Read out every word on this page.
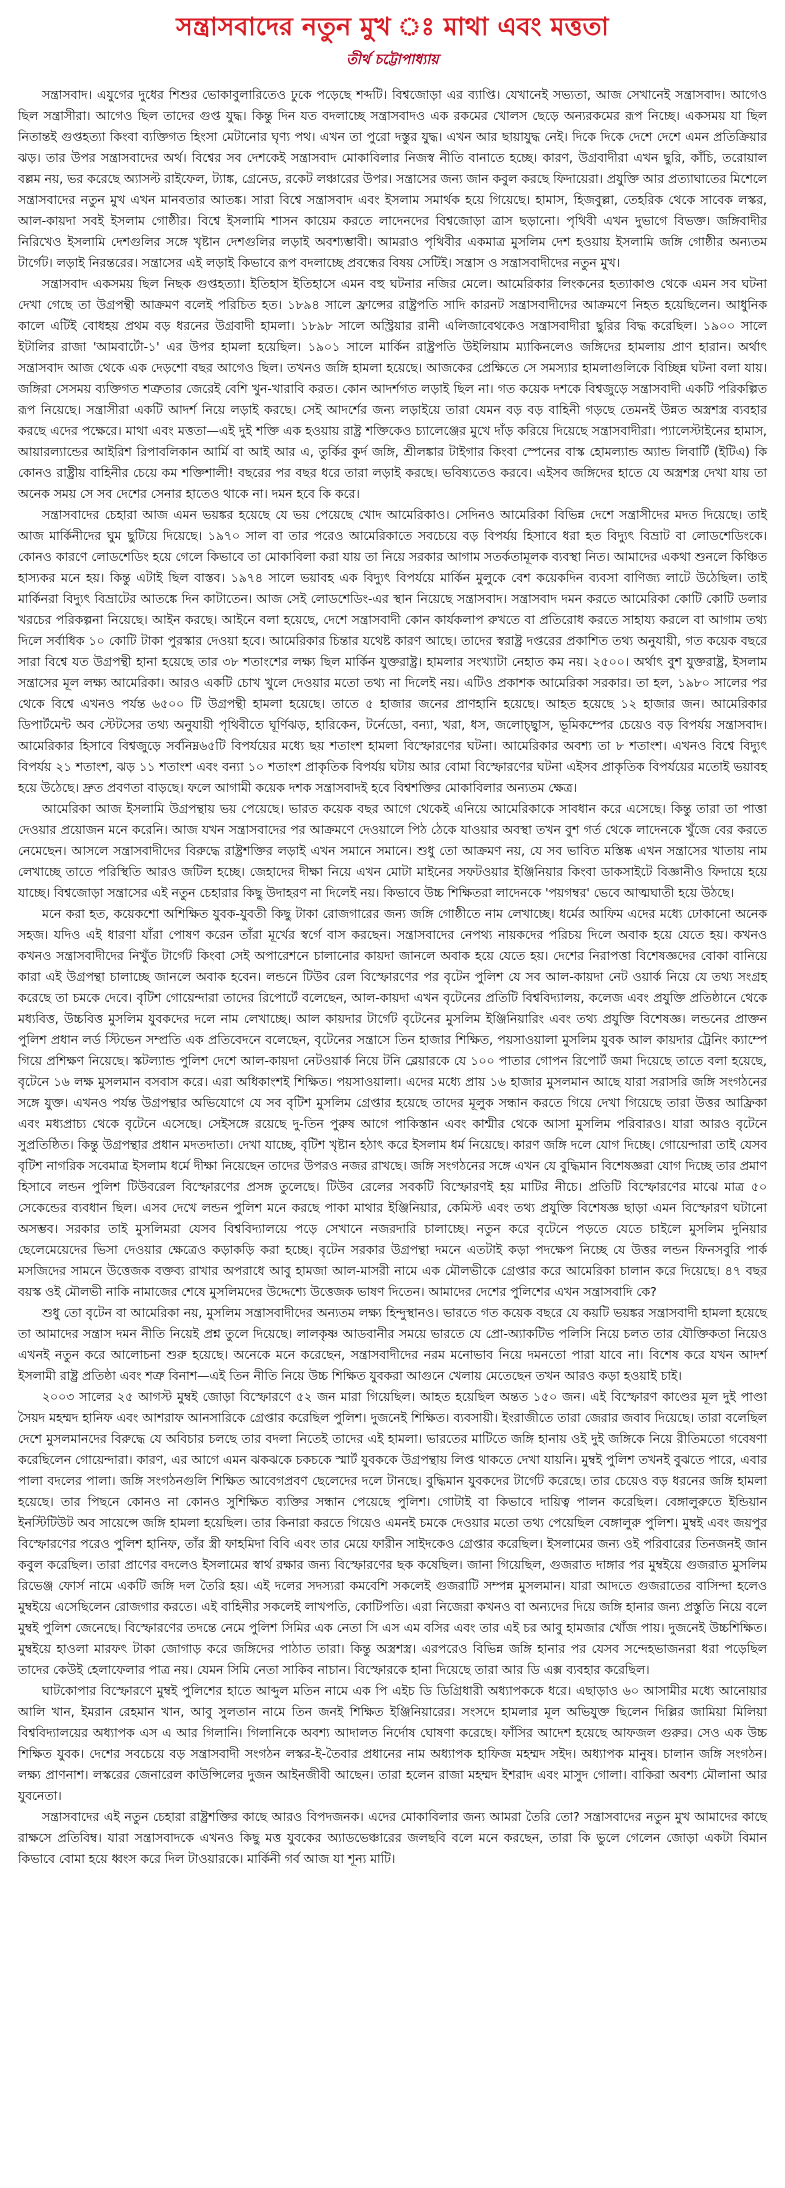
সন্ত্রাসবাদের নতুন মুখ ঃ মাথা এবং মত্ততা
তীর্থ চট্টোপাধ্যায়

সন্ত্রাসবাদ। এযুগের দুধের শিশুর ভোকাবুলারিতেও ঢুকে পড়েছে শব্দটি। বিশ্বজোড়া এর ব্যাপ্তি। যেখানেই সভ্যতা, আজ সেখানেই সন্ত্রাসবাদ। আগেও ছিল সন্ত্রাসীরা। আগেও ছিল তাদের গুপ্ত যুদ্ধ। কিন্তু দিন যত বদলাচ্ছে সন্ত্রাসবাদও এক রকমের খোলস ছেড়ে অন্যরকমের রূপ নিচ্ছে। একসময় যা ছিল নিতান্তই গুপ্তহত্যা কিংবা ব্যক্তিগত হিংসা মেটানোর ঘৃণ্য পথ। এখন তা পুরো দস্তুর যুদ্ধ। এখন আর ছায়াযুদ্ধ নেই। দিকে দিকে দেশে দেশে এমন প্রতিক্রিয়ার ঝড়। তার উপর সন্ত্রাসবাদের অর্থ। বিশ্বের সব দেশকেই সন্ত্রাসবাদ মোকাবিলার নিজস্ব নীতি বানাতে হচ্ছে। কারণ, উগ্রবাদীরা এখন ছুরি, কাঁচি, তরোয়াল বল্লম নয়, ভর করেছে অ্যাসল্ট রাইফেল, ট্যাঙ্ক, গ্রেনেড, রকেট লঞ্চারের উপর। সন্ত্রাসের জন্য জান কবুল করছে ফিদায়েরা। প্রযুক্তি আর প্রত্যাঘাতের মিশেলে সন্ত্রাসবাদের নতুন মুখ এখন মানবতার আতঙ্ক। সারা বিশ্বে সন্ত্রাসবাদ এবং ইসলাম সমার্থক হয়ে গিয়েছে। হামাস, হিজবুল্লা, তেহরিক থেকে সাবেক লস্কর, আল-কায়দা সবই ইসলাম গোষ্ঠীর। বিশ্বে ইসলামি শাসন কায়েম করতে লাদেনদের বিশ্বজোড়া ত্রাস ছড়ানো। পৃথিবী এখন দুভাগে বিভক্ত। জঙ্গিবাদীর নিরিখেও ইসলামি দেশগুলির সঙ্গে খৃষ্টান দেশগুলির লড়াই অবশ্যম্ভাবী। আমরাও পৃথিবীর একমাত্র মুসলিম দেশ হওয়ায় ইসলামি জঙ্গি গোষ্ঠীর অন্যতম টার্গেট। লড়াই নিরন্তরের। সন্ত্রাসের এই লড়াই কিভাবে রূপ বদলাচ্ছে প্রবন্ধের বিষয় সেটিই। সন্ত্রাস ও সন্ত্রাসবাদীদের নতুন মুখ।

সন্ত্রাসবাদ একসময় ছিল নিছক গুপ্তহত্যা। ইতিহাস ইতিহাসে এমন বহু ঘটনার নজির মেলে। আমেরিকার লিংকনের হত্যাকাণ্ড থেকে এমন সব ঘটনা দেখা গেছে তা উগ্রপন্থী আক্রমণ বলেই পরিচিত হত। ১৮৯৪ সালে ফ্রান্সের রাষ্ট্রপতি সাদি কারনট সন্ত্রাসবাদীদের আক্রমণে নিহত হয়েছিলেন। আধুনিক কালে এটিই বোধহয় প্রথম বড় ধরনের উগ্রবাদী হামলা। ১৮৯৮ সালে অস্ট্রিয়ার রানী এলিজাবেথকেও সন্ত্রাসবাদীরা ছুরির বিদ্ধ করেছিল। ১৯০০ সালে ইটালির রাজা 'আমবার্টো-১' এর উপর হামলা হয়েছিল। ১৯০১ সালে মার্কিন রাষ্ট্রপতি উইলিয়াম ম্যাকিনলেও জঙ্গিদের হামলায় প্রাণ হারান। অর্থাৎ সন্ত্রাসবাদ আজ থেকে এক দেড়শো বছর আগেও ছিল। তখনও জঙ্গি হামলা হয়েছে। আজকের প্রেক্ষিতে সে সমস্যার হামলাগুলিকে বিচ্ছিন্ন ঘটনা বলা যায়। জঙ্গিরা সেসময় ব্যক্তিগত শত্রুতার জেরেই বেশি খুন-খারাবি করত। কোন আদর্শগত লড়াই ছিল না। গত কয়েক দশকে বিশ্বজুড়ে সন্ত্রাসবাদী একটি পরিকল্পিত রূপ নিয়েছে। সন্ত্রাসীরা একটি আদর্শ নিয়ে লড়াই করছে। সেই আদর্শের জন্য লড়াইয়ে তারা যেমন বড় বড় বাহিনী গড়ছে তেমনই উন্নত অস্ত্রশস্ত্র ব্যবহার করছে এদের পক্ষেরে। মাথা এবং মত্ততা—এই দুই শক্তি এক হওয়ায় রাষ্ট্র শক্তিকেও চ্যালেঞ্জের মুখে দাঁড় করিয়ে দিয়েছে সন্ত্রাসবাদীরা। প্যালেস্টাইনের হামাস, আয়ারল্যান্ডের আইরিশ রিপাবলিকান আর্মি বা আই আর এ, তুর্কির কুর্দ জঙ্গি, শ্রীলঙ্কার টাইগার কিংবা স্পেনের বাস্ক হোমল্যান্ড অ্যান্ড লিবার্টি (ইটিএ) কি কোনও রাষ্ট্রীয় বাহিনীর চেয়ে কম শক্তিশালী! বছরের পর বছর ধরে তারা লড়াই করছে। ভবিষ্যতেও করবে। এইসব জঙ্গিদের হাতে যে অস্ত্রশস্ত্র দেখা যায় তা অনেক সময় সে সব দেশের সেনার হাতেও থাকে না। দমন হবে কি করে।

সন্ত্রাসবাদের চেহারা আজ এমন ভয়ঙ্কর হয়েছে যে ভয় পেয়েছে খোদ আমেরিকাও। সেদিনও আমেরিকা বিভিন্ন দেশে সন্ত্রাসীদের মদত দিয়েছে। তাই আজ মার্কিনীদের ঘুম ছুটিয়ে দিয়েছে। ১৯৭০ সাল বা তার পরেও আমেরিকাতে সবচেয়ে বড় বিপর্যয় হিসাবে ধরা হত বিদ্যুৎ বিভ্রাট বা লোডশেডিংকে। কোনও কারণে লোডশেডিং হয়ে গেলে কিভাবে তা মোকাবিলা করা যায় তা নিয়ে সরকার আগাম সতর্কতামূলক ব্যবস্থা নিত। আমাদের একথা শুনলে কিঞ্চিত হাস্যকর মনে হয়। কিন্তু এটাই ছিল বাস্তব। ১৯৭৪ সালে ভয়াবহ এক বিদ্যুৎ বিপর্যয়ে মার্কিন মুলুকে বেশ কয়েকদিন ব্যবসা বাণিজ্য লাটে উঠেছিল। তাই মার্কিনরা বিদ্যুৎ বিভ্রাটের আতঙ্কে দিন কাটাতেন। আজ সেই লোডশেডিং-এর স্থান নিয়েছে সন্ত্রাসবাদ। সন্ত্রাসবাদ দমন করতে আমেরিকা কোটি কোটি ডলার খরচের পরিকল্পনা নিয়েছে। আইন করছে। আইনে বলা হয়েছে, দেশে সন্ত্রাসবাদী কোন কার্যকলাপ রুখতে বা প্রতিরোধ করতে সাহায্য করলে বা আগাম তথ্য দিলে সর্বাধিক ১০ কোটি টাকা পুরস্কার দেওয়া হবে। আমেরিকার চিন্তার যথেষ্ট কারণ আছে। তাদের স্বরাষ্ট্র দপ্তরের প্রকাশিত তথ্য অনুযায়ী, গত কয়েক বছরে সারা বিশ্বে যত উগ্রপন্থী হানা হয়েছে তার ৩৮ শতাংশের লক্ষ্য ছিল মার্কিন যুক্তরাষ্ট্র। হামলার সংখ্যাটা নেহাত কম নয়। ২৫০০। অর্থাৎ বুশ যুক্তরাষ্ট্র, ইসলাম সন্ত্রাসের মূল লক্ষ্য আমেরিকা। আরও একটি চোখ খুলে দেওয়ার মতো তথ্য না দিলেই নয়। এটিও প্রকাশক আমেরিকা সরকার। তা হল, ১৯৮০ সালের পর থেকে বিশ্বে এখনও পর্যন্ত ৬৫০০ টি উগ্রপন্থী হামলা হয়েছে। তাতে ৫ হাজার জনের প্রাণহানি হয়েছে। আহত হয়েছে ১২ হাজার জন। আমেরিকার ডিপার্টমেন্ট অব স্টেটসের তথ্য অনুযায়ী পৃথিবীতে ঘূর্ণিঝড়, হারিকেন, টর্নেডো, বন্যা, খরা, ধস, জলোচ্ছ্বাস, ভূমিকম্পের চেয়েও বড় বিপর্যয় সন্ত্রাসবাদ। আমেরিকার হিসাবে বিশ্বজুড়ে সর্বনিম্ন৬৫টি বিপর্যয়ের মধ্যে ছয় শতাংশ হামলা বিস্ফোরণের ঘটনা। আমেরিকার অবশ্য তা ৮ শতাংশ। এখনও বিশ্বে বিদ্যুৎ বিপর্যয় ২১ শতাংশ, ঝড় ১১ শতাংশ এবং বন্যা ১০ শতাংশ প্রাকৃতিক বিপর্যয় ঘটায় আর বোমা বিস্ফোরণের ঘটনা এইসব প্রাকৃতিক বিপর্যয়ের মতোই ভয়াবহ হয়ে উঠেছে। দ্রুত প্রবণতা বাড়ছে। ফলে আগামী কয়েক দশক সন্ত্রাসবাদই হবে বিশ্বশক্তির মোকাবিলার অন্যতম ক্ষেত্র।

আমেরিকা আজ ইসলামি উগ্রপন্থায় ভয় পেয়েছে। ভারত কয়েক বছর আগে থেকেই এনিয়ে আমেরিকাকে সাবধান করে এসেছে। কিন্তু তারা তা পাত্তা দেওয়ার প্রয়োজন মনে করেনি। আজ যখন সন্ত্রাসবাদের পর আক্রমণে দেওয়ালে পিঠ ঠেকে যাওয়ার অবস্থা তখন বুশ গর্ত থেকে লাদেনকে খুঁজে বের করতে নেমেছেন। আসলে সন্ত্রাসবাদীদের বিরুদ্ধে রাষ্ট্রশক্তির লড়াই এখন সমানে সমানে। শুধু তো আক্রমণ নয়, যে সব ভাবিত মস্তিষ্ক এখন সন্ত্রাসের খাতায় নাম লেখাচ্ছে তাতে পরিস্থিতি আরও জটিল হচ্ছে। জেহাদের দীক্ষা নিয়ে এখন মোটা মাইনের সফটওয়ার ইঞ্জিনিয়ার কিংবা ডাকসাইটে বিজ্ঞানীও ফিদায়ে হয়ে যাচ্ছে। বিশ্বজোড়া সন্ত্রাসের এই নতুন চেহারার কিছু উদাহরণ না দিলেই নয়। কিভাবে উচ্চ শিক্ষিতরা লাদেনকে 'পয়গম্বর' ভেবে আত্মঘাতী হয়ে উঠছে।

মনে করা হত, কয়েকশো অশিক্ষিত যুবক-যুবতী কিছু টাকা রোজগারের জন্য জঙ্গি গোষ্ঠীতে নাম লেখাচ্ছে। ধর্মের আফিম এদের মধ্যে ঢোকানো অনেক সহজ। যদিও এই ধারণা যাঁরা পোষণ করেন তাঁরা মূর্খের স্বর্গে বাস করছেন। সন্ত্রাসবাদের নেপথ্য নায়কদের পরিচয় দিলে অবাক হয়ে যেতে হয়। কখনও কখনও সন্ত্রাসবাদীদের নিখুঁত টার্গেট কিংবা সেই অপারেশনে চালানোর কায়দা জানলে অবাক হয়ে যেতে হয়। দেশের নিরাপত্তা বিশেষজ্ঞদের বোকা বানিয়ে কারা এই উগ্রপন্থা চালাচ্ছে জানলে অবাক হবেন। লন্ডনে টিউব রেল বিস্ফোরণের পর বৃটেন পুলিশ যে সব আল-কায়দা নেট ওয়ার্ক নিয়ে যে তথ্য সংগ্রহ করেছে তা চমকে দেবে। বৃটিশ গোয়েন্দারা তাদের রিপোর্টে বলেছেন, আল-কায়দা এখন বৃটেনের প্রতিটি বিশ্ববিদ্যালয়, কলেজ এবং প্রযুক্তি প্রতিষ্ঠানে থেকে মধ্যবিত্ত, উচ্চবিত্ত মুসলিম যুবকদের দলে নাম লেখাচ্ছে। আল কায়দার টার্গেট বৃটেনের মুসলিম ইঞ্জিনিয়ারিং এবং তথ্য প্রযুক্তি বিশেষজ্ঞ। লন্ডনের প্রাক্তন পুলিশ প্রধান লর্ড স্টিভেন সম্প্রতি এক প্রতিবেদনে বলেছেন, বৃটেনের সন্ত্রাসে তিন হাজার শিক্ষিত, পয়সাওয়ালা মুসলিম যুবক আল কায়দার ট্রেনিং ক্যাম্পে গিয়ে প্রশিক্ষণ নিয়েছে। স্কটল্যান্ড পুলিশ দেশে আল-কায়দা নেটওয়ার্ক নিয়ে টনি ব্লেয়ারকে যে ১০০ পাতার গোপন রিপোর্ট জমা দিয়েছে তাতে বলা হয়েছে, বৃটেনে ১৬ লক্ষ মুসলমান বসবাস করে। এরা অধিকাংশই শিক্ষিত। পয়সাওয়ালা। এদের মধ্যে প্রায় ১৬ হাজার মুসলমান আছে যারা সরাসরি জঙ্গি সংগঠনের সঙ্গে যুক্ত। এখনও পর্যন্ত উগ্রপন্থার অভিযোগে যে সব বৃটিশ মুসলিম গ্রেপ্তার হয়েছে তাদের মূলুক সন্ধান করতে গিয়ে দেখা গিয়েছে তারা উত্তর আফ্রিকা এবং মধ্যপ্রাচ্য থেকে বৃটেনে এসেছে। সেইসঙ্গে রয়েছে দু-তিন পুরুষ আগে পাকিস্তান এবং কাশ্মীর থেকে আসা মুসলিম পরিবারও। যারা আরও বৃটেনে সুপ্রতিষ্ঠিত। কিন্তু উগ্রপন্থার প্রধান মদতদাতা। দেখা যাচ্ছে, বৃটিশ খৃষ্টান হঠাৎ করে ইসলাম ধর্ম নিয়েছে। কারণ জঙ্গি দলে যোগ দিচ্ছে। গোয়েন্দারা তাই যেসব বৃটিশ নাগরিক সবেমাত্র ইসলাম ধর্মে দীক্ষা নিয়েছেন তাদের উপরও নজর রাখছে। জঙ্গি সংগঠনের সঙ্গে এখন যে বুদ্ধিমান বিশেষজ্ঞরা যোগ দিচ্ছে তার প্রমাণ হিসাবে লন্ডন পুলিশ টিউবরেল বিস্ফোরণের প্রসঙ্গ তুলেছে। টিউব রেলের সবকটি বিস্ফোরণই হয় মাটির নীচে। প্রতিটি বিস্ফোরণের মাঝে মাত্র ৫০ সেকেন্ডের ব্যবধান ছিল। এসব দেখে লন্ডন পুলিশ মনে করছে পাকা মাথার ইঞ্জিনিয়ার, কেমিস্ট এবং তথ্য প্রযুক্তি বিশেষজ্ঞ ছাড়া এমন বিস্ফোরণ ঘটানো অসম্ভব। সরকার তাই মুসলিমরা যেসব বিশ্ববিদ্যালয়ে পড়ে সেখানে নজরদারি চালাচ্ছে। নতুন করে বৃটেনে পড়তে যেতে চাইলে মুসলিম দুনিয়ার ছেলেমেয়েদের ভিসা দেওয়ার ক্ষেত্রেও কড়াকড়ি করা হচ্ছে। বৃটেন সরকার উগ্রপন্থা দমনে এতটাই কড়া পদক্ষেপ নিচ্ছে যে উত্তর লন্ডন ফিনসবুরি পার্ক মসজিদের সামনে উত্তেজক বক্তব্য রাখার অপরাধে আবু হামজা আল-মাসরী নামে এক মৌলভীকে গ্রেপ্তার করে আমেরিকা চালান করে দিয়েছে। ৪৭ বছর বয়স্ক ওই মৌলভী নাকি নামাজের শেষে মুসলিমদের উদ্দেশ্যে উত্তেজক ভাষণ দিতেন। আমাদের দেশের পুলিশের এখন সন্ত্রাসবাদি কে?

শুধু তো বৃটেন বা আমেরিকা নয়, মুসলিম সন্ত্রাসবাদীদের অন্যতম লক্ষ্য হিন্দুস্থানও। ভারতে গত কয়েক বছরে যে কয়টি ভয়ঙ্কর সন্ত্রাসবাদী হামলা হয়েছে তা আমাদের সন্ত্রাস দমন নীতি নিয়েই প্রশ্ন তুলে দিয়েছে। লালকৃষ্ণ আডবানীর সময়ে ভারতে যে প্রো-অ্যাকটিভ পলিসি নিয়ে চলত তার যৌক্তিকতা নিয়েও এখনই নতুন করে আলোচনা শুরু হয়েছে। অনেকে মনে করেছেন, সন্ত্রাসবাদীদের নরম মনোভাব নিয়ে দমনতো পারা যাবে না। বিশেষ করে যখন আদর্শ ইসলামী রাষ্ট্র প্রতিষ্ঠা এবং শত্রু বিনাশ—এই তিন নীতি নিয়ে উচ্চ শিক্ষিত যুবকরা আগুনে খেলায় মেতেছেন তখন আরও কড়া হওয়াই চাই।

২০০৩ সালের ২৫ আগস্ট মুম্বই জোড়া বিস্ফোরণে ৫২ জন মারা গিয়েছিল। আহত হয়েছিল অন্তত ১৫০ জন। এই বিস্ফোরণ কাণ্ডের মূল দুই পাণ্ডা সৈয়দ মহম্মদ হানিফ এবং আশরাফ আনসারিকে গ্রেপ্তার করেছিল পুলিশ। দুজনেই শিক্ষিত। ব্যবসায়ী। ইংরাজীতে তারা জেরার জবাব দিয়েছে। তারা বলেছিল দেশে মুসলমানদের বিরুদ্ধে যে অবিচার চলছে তার বদলা নিতেই তাদের এই হামলা। ভারতের মাটিতে জঙ্গি হানায় ওই দুই জঙ্গিকে নিয়ে রীতিমতো গবেষণা করেছিলেন গোয়েন্দারা। কারণ, এর আগে এমন ঝকঝকে চকচকে স্মার্ট যুবককে উগ্রপন্থায় লিপ্ত থাকতে দেখা যায়নি। মুম্বই পুলিশ তখনই বুঝতে পারে, এবার পালা বদলের পালা। জঙ্গি সংগঠনগুলি শিক্ষিত আবেগপ্রবণ ছেলেদের দলে টানছে। বুদ্ধিমান যুবকদের টার্গেট করেছে। তার চেয়েও বড় ধরনের জঙ্গি হামলা হয়েছে। তার পিছনে কোনও না কোনও সুশিক্ষিত ব্যক্তির সন্ধান পেয়েছে পুলিশ। গোটাই বা কিভাবে দায়িত্ব পালন করেছিল। বেঙ্গালুরুতে ইন্ডিয়ান ইনস্টিটিউট অব সায়েন্সে জঙ্গি হামলা হয়েছিল। তার কিনারা করতে গিয়েও এমনই চমকে দেওয়ার মতো তথ্য পেয়েছিল বেঙ্গালুরু পুলিশ। মুম্বই এবং জয়পুর বিস্ফোরণের পরেও পুলিশ হানিফ, তাঁর স্ত্রী ফাহমিদা বিবি এবং তার মেয়ে ফারীন সাইদকেও গ্রেপ্তার করেছিল। ইসলামের জন্য ওই পরিবারের তিনজনই জান কবুল করেছিল। তারা প্রাণের বদলেও ইসলামের স্বার্থ রক্ষার জন্য বিস্ফোরণের ছক কষেছিল। জানা গিয়েছিল, গুজরাত দাঙ্গার পর মুম্বইয়ে গুজরাত মুসলিম রিভেঞ্জ ফোর্স নামে একটি জঙ্গি দল তৈরি হয়। এই দলের সদস্যরা কমবেশি সকলেই গুজরাটি সম্পন্ন মুসলমান। যারা আদতে গুজরাতের বাসিন্দা হলেও মুম্বইয়ে এসেছিলেন রোজগার করতে। এই বাহিনীর সকলেই লাখপতি, কোটিপতি। এরা নিজেরা কখনও বা অন্যদের দিয়ে জঙ্গি হানার জন্য প্রস্তুতি নিয়ে বলে মুম্বই পুলিশ জেনেছে। বিস্ফোরণের তদন্তে নেমে পুলিশ সিমির এক নেতা সি এস এম বসির এবং তার এই চর আবু হামজার খোঁজ পায়। দুজনেই উচ্চশিক্ষিত। মুম্বইয়ে হাওলা মারফৎ টাকা জোগাড় করে জঙ্গিদের পাঠাত তারা। কিন্তু অস্ত্রশস্ত্র। এরপরেও বিভিন্ন জঙ্গি হানার পর যেসব সন্দেহভাজনরা ধরা পড়েছিল তাদের কেউই হেলাফেলার পাত্র নয়। যেমন সিমি নেতা সাকিব নাচান। বিস্ফোরকে হানা দিয়েছে তারা আর ডি এক্স ব্যবহার করেছিল।

ঘাটকোপার বিস্ফোরণে মুম্বই পুলিশের হাতে আব্দুল মতিন নামে এক পি এইচ ডি ডিগ্রিধারী অধ্যাপককে ধরে। এছাড়াও ৬০ আসামীর মধ্যে আনোয়ার আলি খান, ইমরান রেহমান খান, আবু সুলতান নামে তিন জনই শিক্ষিত ইঞ্জিনিয়ারের। সংসদে হামলার মূল অভিযুক্ত ছিলেন দিল্লির জামিয়া মিলিয়া বিশ্ববিদ্যালয়ের অধ্যাপক এস এ আর গিলানি। গিলানিকে অবশ্য আদালত নির্দোষ ঘোষণা করেছে। ফাঁসির আদেশ হয়েছে আফজল গুরুর। সেও এক উচ্চ শিক্ষিত যুবক। দেশের সবচেয়ে বড় সন্ত্রাসবাদী সংগঠন লস্কর-ই-তৈবার প্রধানের নাম অধ্যাপক হাফিজ মহম্মদ সইদ। অধ্যাপক মানুষ। চালান জঙ্গি সংগঠন। লক্ষ্য প্রাণনাশ। লস্করের জেনারেল কাউন্সিলের দুজন আইনজীবী আছেন। তারা হলেন রাজা মহম্মদ ইশরাদ এবং মাসুদ গোলা। বাকিরা অবশ্য মৌলানা আর যুবনেতা।

সন্ত্রাসবাদের এই নতুন চেহারা রাষ্ট্রশক্তির কাছে আরও বিপদজনক। এদের মোকাবিলার জন্য আমরা তৈরি তো? সন্ত্রাসবাদের নতুন মুখ আমাদের কাছে রাক্ষসে প্রতিবিম্ব। যারা সন্ত্রাসবাদকে এখনও কিছু মত্ত যুবকের অ্যাডভেঞ্চারের জলছবি বলে মনে করছেন, তারা কি ভুলে গেলেন জোড়া একটা বিমান কিভাবে বোমা হয়ে ধ্বংস করে দিল টাওয়ারকে। মার্কিনী গর্ব আজ যা শূন্য মাটি।
